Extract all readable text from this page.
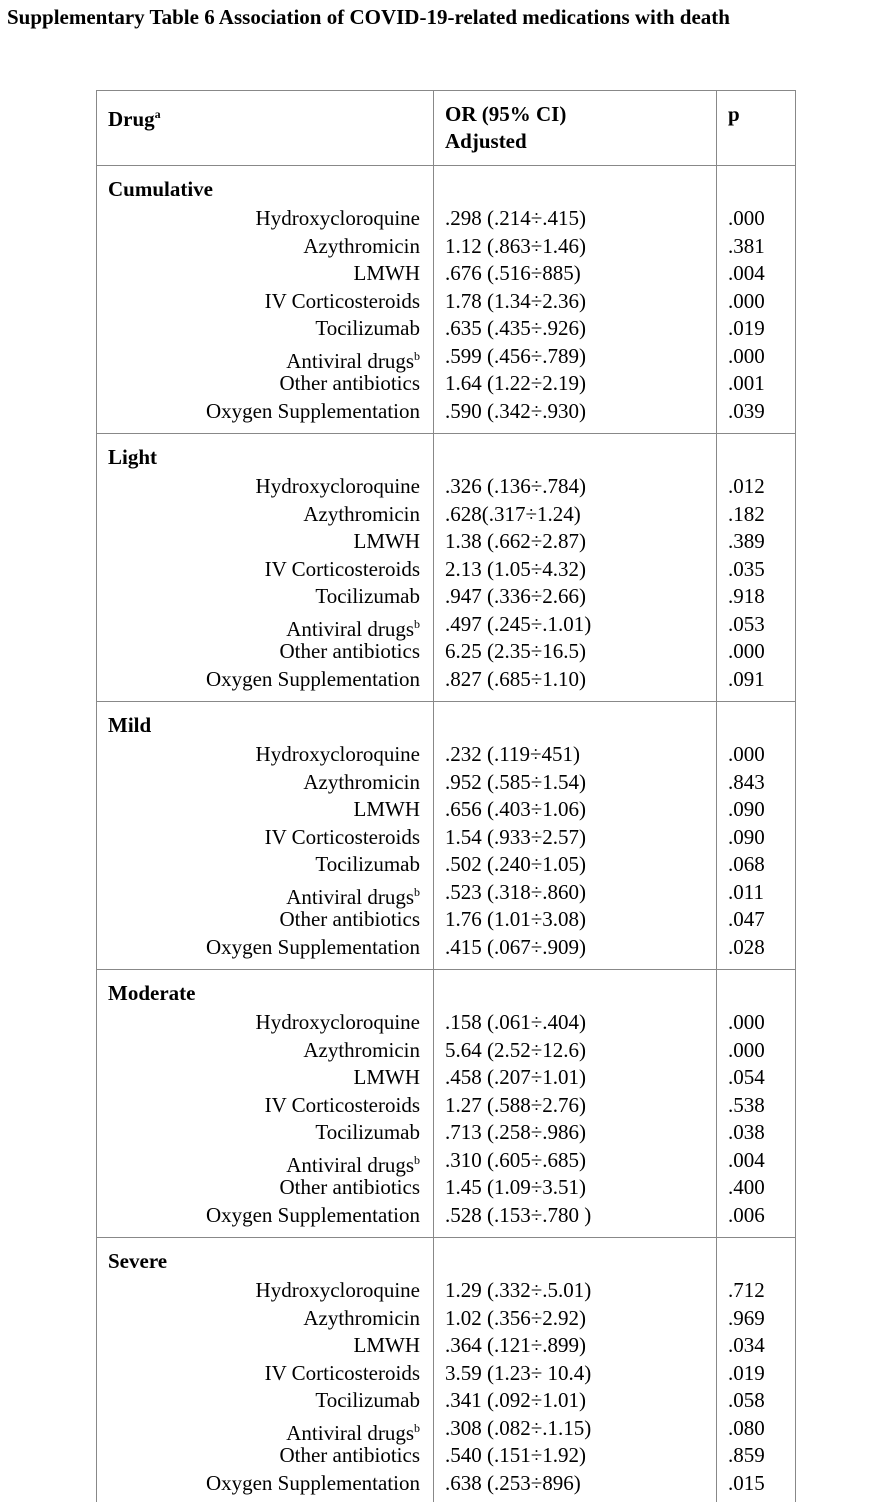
Supplementary Table 6 Association of COVID-19-related medications with death
Drug$^a$	OR (95% CI)
Adjusted
p
Cumulative
Hydroxycloroquine .298 (.214÷.415)	.000
Azythromicin 1.12 (.863÷1.46)	.381
LMWH .676 (.516÷885)	.004
IV Corticosteroids 1.78 (1.34÷2.36)	.000
Tocilizumab .635 (.435÷.926)	.019
Antiviral drugs$^b$ .599 (.456÷.789)	.000
Other antibiotics 1.64 (1.22÷2.19)	.001
Oxygen Supplementation .590 (.342÷.930)	.039
Light
Hydroxycloroquine .326 (.136÷.784)	.012
Azythromicin .628(.317÷1.24)	.182
LMWH 1.38 (.662÷2.87)	.389
IV Corticosteroids 2.13 (1.05÷4.32)	.035
Tocilizumab .947 (.336÷2.66)	.918
Antiviral drugs$^b$ .497 (.245÷.1.01)	.053
Other antibiotics 6.25 (2.35÷16.5)	.000
Oxygen Supplementation .827 (.685÷1.10)	.091
Mild
Hydroxycloroquine .232 (.119÷451)	.000
Azythromicin .952 (.585÷1.54)	.843
LMWH .656 (.403÷1.06)	.090
IV Corticosteroids 1.54 (.933÷2.57)	.090
Tocilizumab .502 (.240÷1.05)	.068
Antiviral drugs$^b$ .523 (.318÷.860)	.011
Other antibiotics 1.76 (1.01÷3.08)	.047
Oxygen Supplementation .415 (.067÷.909)	.028
Moderate
Hydroxycloroquine .158 (.061÷.404)	.000
Azythromicin 5.64 (2.52÷12.6)	.000
LMWH .458 (.207÷1.01)	.054
IV Corticosteroids 1.27 (.588÷2.76)	.538
Tocilizumab .713 (.258÷.986)	.038
Antiviral drugs$^b$ .310 (.605÷.685)	.004
Other antibiotics 1.45 (1.09÷3.51)	.400
Oxygen Supplementation .528 (.153÷.780 )	.006
Severe
Hydroxycloroquine 1.29 (.332÷.5.01)	.712
Azythromicin 1.02 (.356÷2.92)	.969
LMWH .364 (.121÷.899)	.034
IV Corticosteroids 3.59 (1.23÷ 10.4)	.019
Tocilizumab .341 (.092÷1.01)	.058
Antiviral drugs$^b$ .308 (.082÷.1.15)	.080
Other antibiotics .540 (.151÷1.92)	.859
Oxygen Supplementation .638 (.253÷896)	.015
